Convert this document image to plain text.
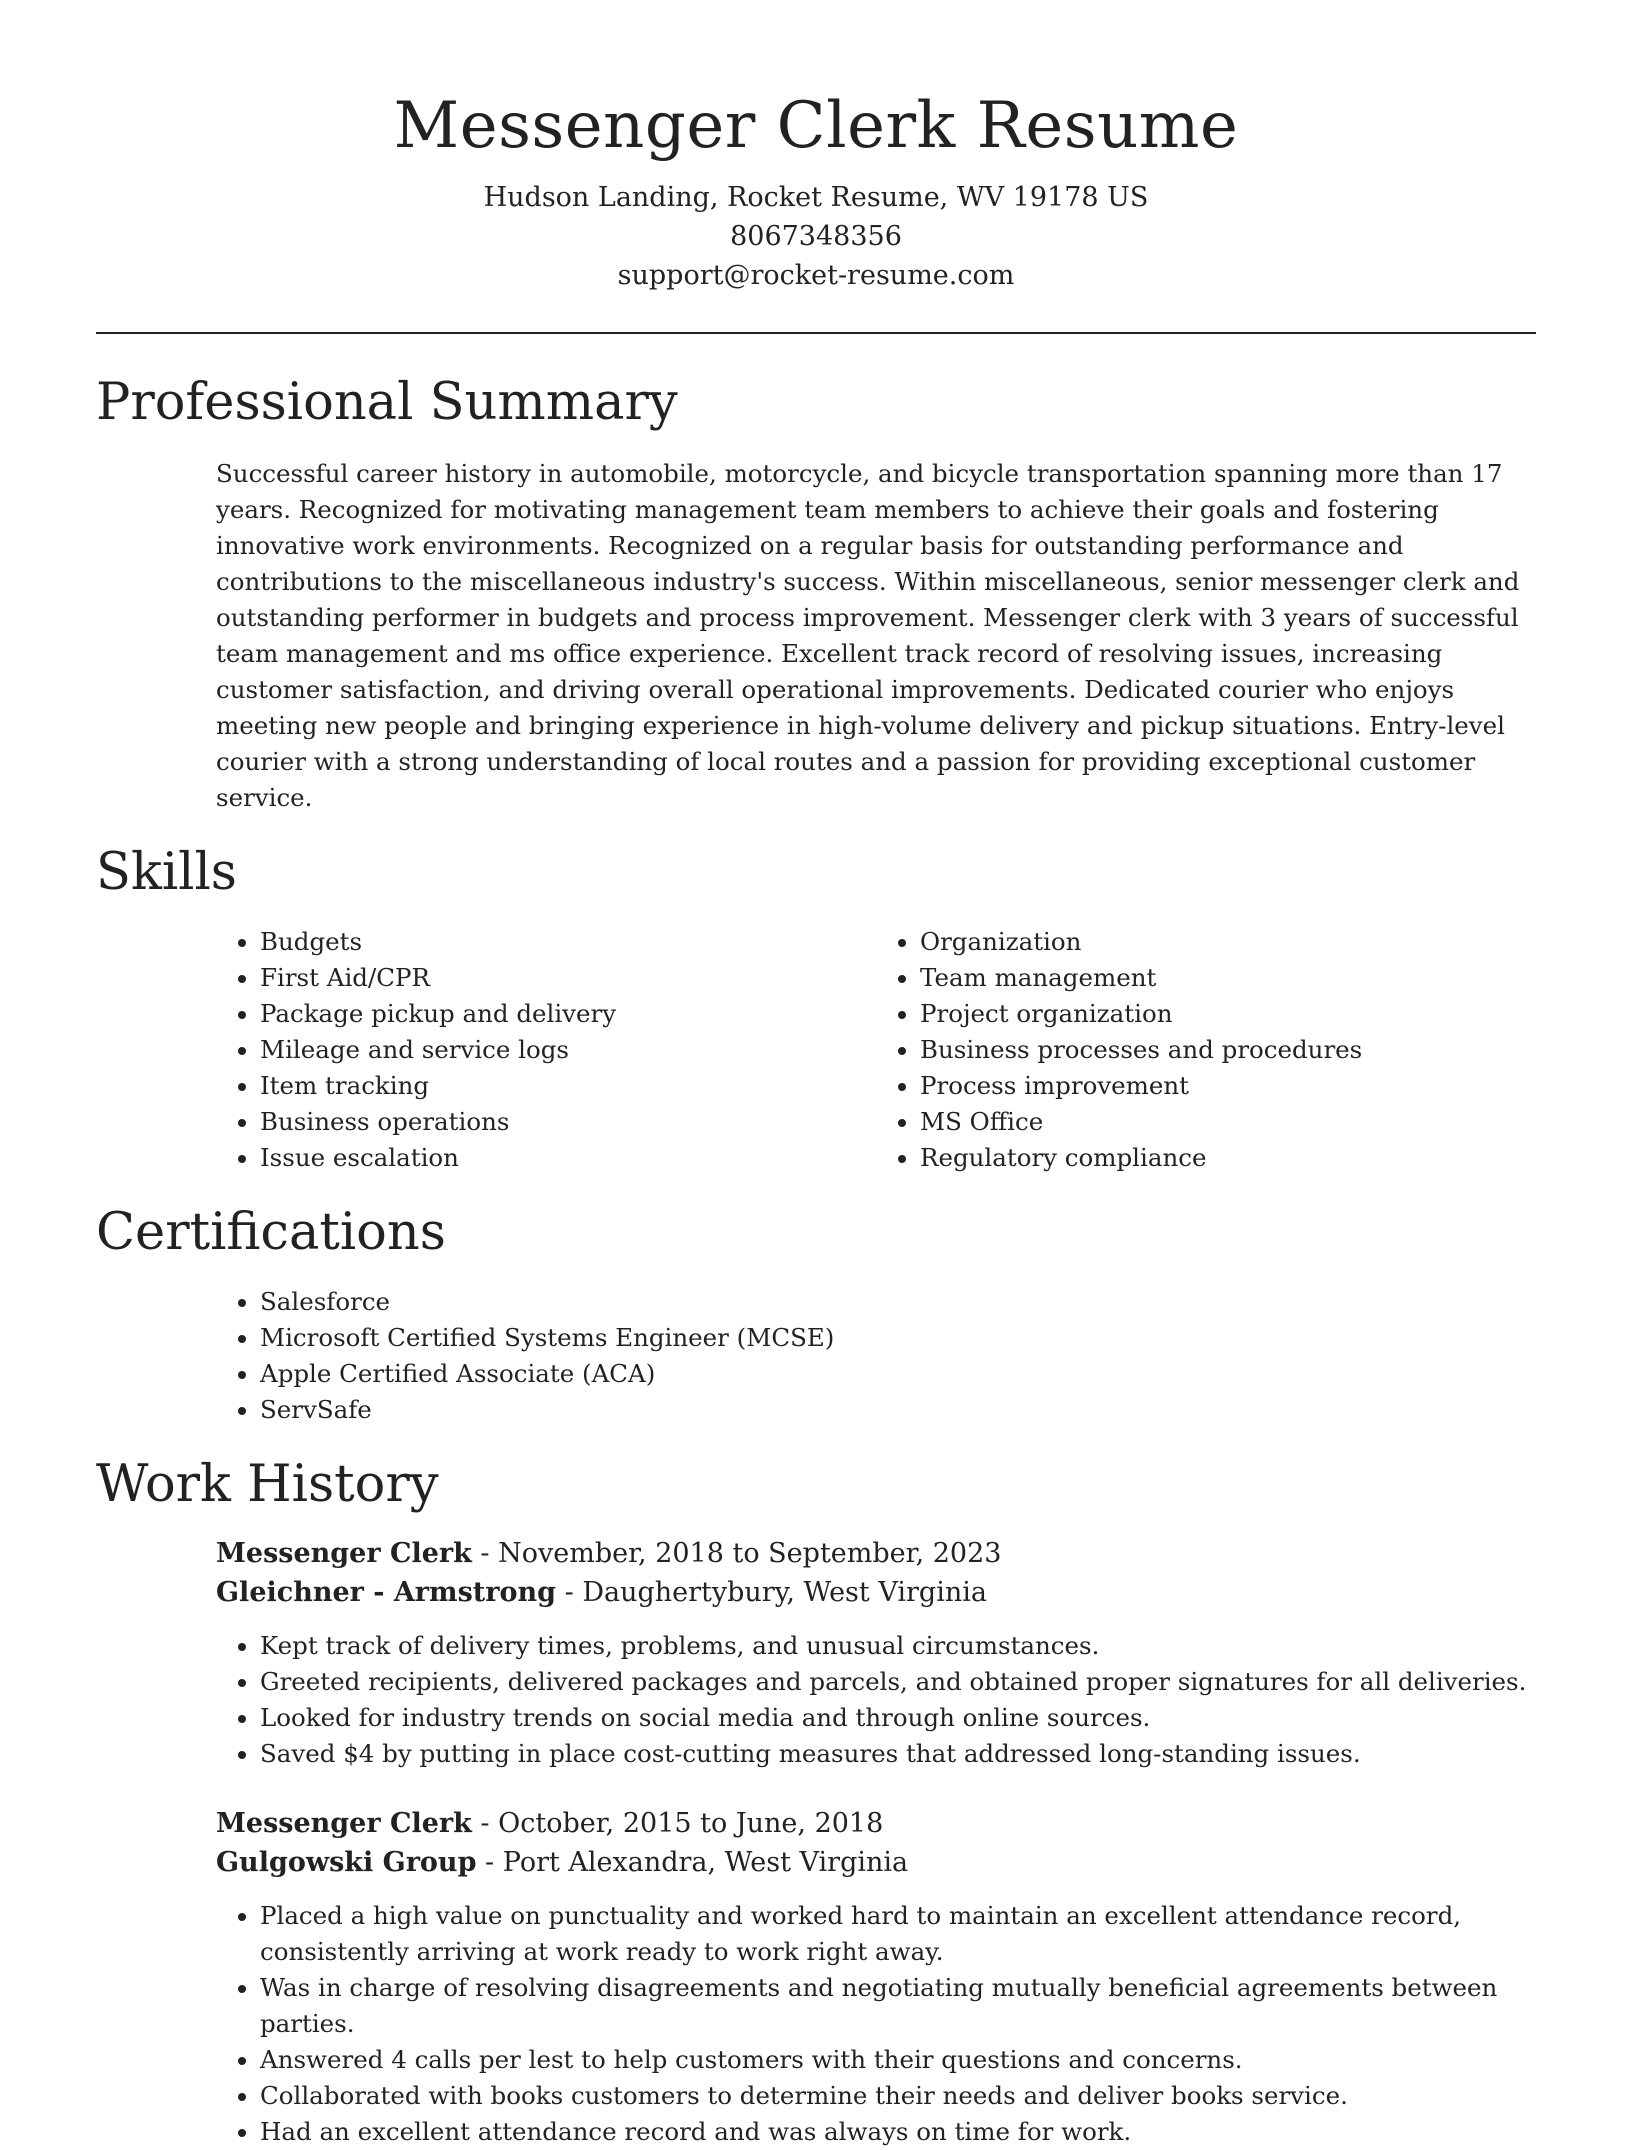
Messenger Clerk Resume
Hudson Landing, Rocket Resume, WV 19178 US
8067348356
support@rocket-resume.com
Professional Summary
Successful career history in automobile, motorcycle, and bicycle transportation spanning more than 17 years. Recognized for motivating management team members to achieve their goals and fostering innovative work environments. Recognized on a regular basis for outstanding performance and contributions to the miscellaneous industry's success. Within miscellaneous, senior messenger clerk and outstanding performer in budgets and process improvement. Messenger clerk with 3 years of successful team management and ms office experience. Excellent track record of resolving issues, increasing customer satisfaction, and driving overall operational improvements. Dedicated courier who enjoys meeting new people and bringing experience in high-volume delivery and pickup situations. Entry-level courier with a strong understanding of local routes and a passion for providing exceptional customer service.
Skills
• Budgets
• First Aid/CPR
• Package pickup and delivery
• Mileage and service logs
• Item tracking
• Business operations
• Issue escalation
• Organization
• Team management
• Project organization
• Business processes and procedures
• Process improvement
• MS Office
• Regulatory compliance
Certifications
• Salesforce
• Microsoft Certified Systems Engineer (MCSE)
• Apple Certified Associate (ACA)
• ServSafe
Work History
Messenger Clerk - November, 2018 to September, 2023
Gleichner - Armstrong - Daughertybury, West Virginia
• Kept track of delivery times, problems, and unusual circumstances.
• Greeted recipients, delivered packages and parcels, and obtained proper signatures for all deliveries.
• Looked for industry trends on social media and through online sources.
• Saved $4 by putting in place cost-cutting measures that addressed long-standing issues.
Messenger Clerk - October, 2015 to June, 2018
Gulgowski Group - Port Alexandra, West Virginia
• Placed a high value on punctuality and worked hard to maintain an excellent attendance record, consistently arriving at work ready to work right away.
• Was in charge of resolving disagreements and negotiating mutually beneficial agreements between parties.
• Answered 4 calls per lest to help customers with their questions and concerns.
• Collaborated with books customers to determine their needs and deliver books service.
• Had an excellent attendance record and was always on time for work.
